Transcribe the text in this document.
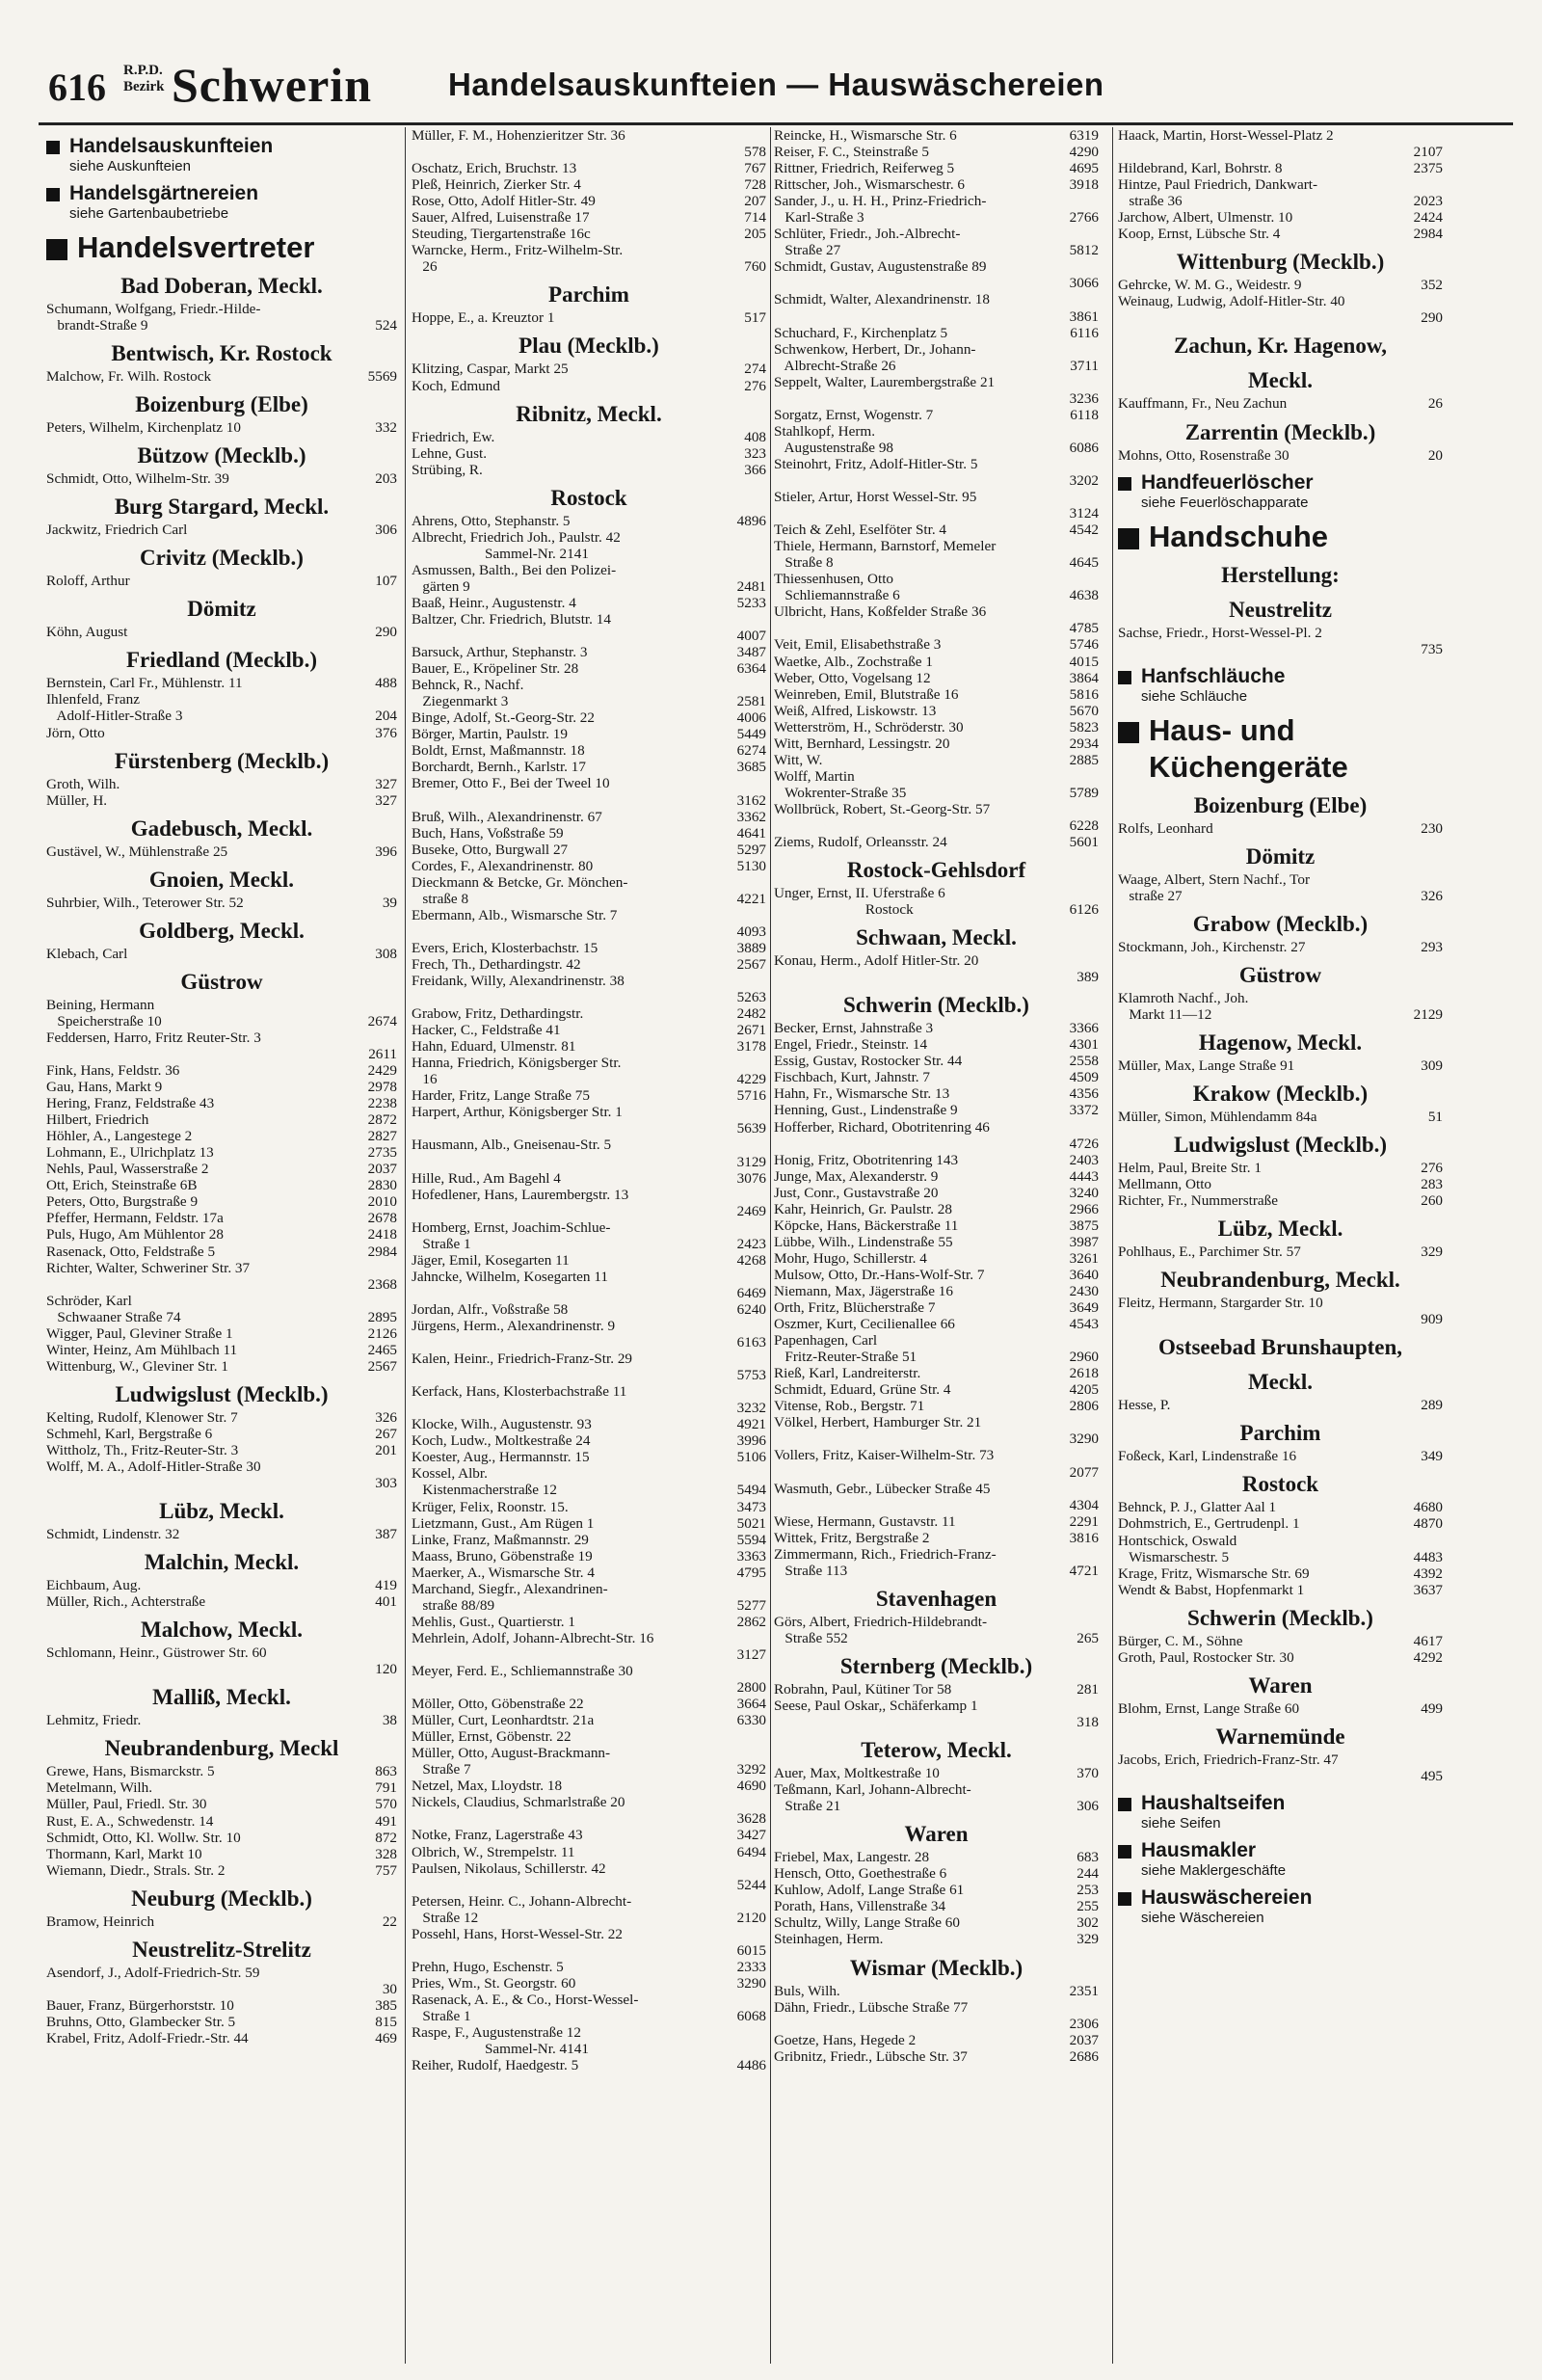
616 R.P.D.
Bezirk Schwerin Handelsauskunfteien — Hauswäschereien
Handelsauskunfteien
siehe Auskunfteien
Handelsgärtnereien
siehe Gartenbaubetriebe
Handelsvertreter
Bad Doberan, Meckl.
Schumann, Wolfgang, Friedr.-Hilde-
brandt-Straße 9	524
Bentwisch, Kr. Rostock
Malchow, Fr. Wilh. Rostock	5569
Boizenburg (Elbe)
Peters, Wilhelm, Kirchenplatz 10	332
Bützow (Mecklb.)
Schmidt, Otto, Wilhelm-Str. 39	203
Burg Stargard, Meckl.
Jackwitz, Friedrich Carl	306
Crivitz (Mecklb.)
Roloff, Arthur	107
Dömitz
Köhn, August	290
Friedland (Mecklb.)
Bernstein, Carl Fr., Mühlenstr. 11	488
Ihlenfeld, Franz
Adolf-Hitler-Straße 3	204
Jörn, Otto	376
Fürstenberg (Mecklb.)
Groth, Wilh.	327
Müller, H.	327
Gadebusch, Meckl.
Gustävel, W., Mühlenstraße 25	396
Gnoien, Meckl.
Suhrbier, Wilh., Teterower Str. 52	39
Goldberg, Meckl.
Klebach, Carl	308
Güstrow
Beining, Hermann
Speicherstraße 10	2674
Feddersen, Harro, Fritz Reuter-Str. 3
2611
Fink, Hans, Feldstr. 36	2429
Gau, Hans, Markt 9	2978
Hering, Franz, Feldstraße 43	2238
Hilbert, Friedrich	2872
Höhler, A., Langestege 2	2827
Lohmann, E., Ulrichplatz 13	2735
Nehls, Paul, Wasserstraße 2	2037
Ott, Erich, Steinstraße 6B	2830
Peters, Otto, Burgstraße 9	2010
Pfeffer, Hermann, Feldstr. 17a	2678
Puls, Hugo, Am Mühlentor 28	2418
Rasenack, Otto, Feldstraße 5	2984
Richter, Walter, Schweriner Str. 37
2368
Schröder, Karl
Schwaaner Straße 74	2895
Wigger, Paul, Gleviner Straße 1	2126
Winter, Heinz, Am Mühlbach 11	2465
Wittenburg, W., Gleviner Str. 1	2567
Ludwigslust (Mecklb.)
Kelting, Rudolf, Klenower Str. 7	326
Schmehl, Karl, Bergstraße 6	267
Wittholz, Th., Fritz-Reuter-Str. 3	201
Wolff, M. A., Adolf-Hitler-Straße 30
303
Lübz, Meckl.
Schmidt, Lindenstr. 32	387
Malchin, Meckl.
Eichbaum, Aug.	419
Müller, Rich., Achterstraße	401
Malchow, Meckl.
Schlomann, Heinr., Güstrower Str. 60
120
Malliß, Meckl.
Lehmitz, Friedr.	38
Neubrandenburg, Meckl
Grewe, Hans, Bismarckstr. 5	863
Metelmann, Wilh.	791
Müller, Paul, Friedl. Str. 30	570
Rust, E. A., Schwedenstr. 14	491
Schmidt, Otto, Kl. Wollw. Str. 10	872
Thormann, Karl, Markt 10	328
Wiemann, Diedr., Strals. Str. 2	757
Neuburg (Mecklb.)
Bramow, Heinrich	22
Neustrelitz-Strelitz
Asendorf, J., Adolf-Friedrich-Str. 59
30
Bauer, Franz, Bürgerhorststr. 10	385
Bruhns, Otto, Glambecker Str. 5	815
Krabel, Fritz, Adolf-Friedr.-Str. 44	469
Müller, F. M., Hohenzieritzer Str. 36
578
Oschatz, Erich, Bruchstr. 13	767
Pleß, Heinrich, Zierker Str. 4	728
Rose, Otto, Adolf Hitler-Str. 49	207
Sauer, Alfred, Luisenstraße 17	714
Steuding, Tiergartenstraße 16c	205
Warncke, Herm., Fritz-Wilhelm-Str.
26	760
Parchim
Hoppe, E., a. Kreuztor 1	517
Plau (Mecklb.)
Klitzing, Caspar, Markt 25	274
Koch, Edmund	276
Ribnitz, Meckl.
Friedrich, Ew.	408
Lehne, Gust.	323
Strübing, R.	366
Rostock
Ahrens, Otto, Stephanstr. 5	4896
Albrecht, Friedrich Joh., Paulstr. 42
Sammel-Nr. 2141
Asmussen, Balth., Bei den Polizei-
gärten 9	2481
Baaß, Heinr., Augustenstr. 4	5233
Baltzer, Chr. Friedrich, Blutstr. 14
4007
Barsuck, Arthur, Stephanstr. 3	3487
Bauer, E., Kröpeliner Str. 28	6364
Behnck, R., Nachf.
Ziegenmarkt 3	2581
Binge, Adolf, St.-Georg-Str. 22	4006
Börger, Martin, Paulstr. 19	5449
Boldt, Ernst, Maßmannstr. 18	6274
Borchardt, Bernh., Karlstr. 17	3685
Bremer, Otto F., Bei der Tweel 10
3162
Bruß, Wilh., Alexandrinenstr. 67	3362
Buch, Hans, Voßstraße 59	4641
Buseke, Otto, Burgwall 27	5297
Cordes, F., Alexandrinenstr. 80	5130
Dieckmann & Betcke, Gr. Mönchen-
straße 8	4221
Ebermann, Alb., Wismarsche Str. 7
4093
Evers, Erich, Klosterbachstr. 15	3889
Frech, Th., Dethardingstr. 42	2567
Freidank, Willy, Alexandrinenstr. 38
5263
Grabow, Fritz, Dethardingstr.	2482
Hacker, C., Feldstraße 41	2671
Hahn, Eduard, Ulmenstr. 81	3178
Hanna, Friedrich, Königsberger Str.
16	4229
Harder, Fritz, Lange Straße 75	5716
Harpert, Arthur, Königsberger Str. 1
5639
Hausmann, Alb., Gneisenau-Str. 5
3129
Hille, Rud., Am Bagehl 4	3076
Hofedlener, Hans, Laurembergstr. 13
2469
Homberg, Ernst, Joachim-Schlue-
Straße 1	2423
Jäger, Emil, Kosegarten 11	4268
Jahncke, Wilhelm, Kosegarten 11
6469
Jordan, Alfr., Voßstraße 58	6240
Jürgens, Herm., Alexandrinenstr. 9
6163
Kalen, Heinr., Friedrich-Franz-Str. 29
5753
Kerfack, Hans, Klosterbachstraße 11
3232
Klocke, Wilh., Augustenstr. 93	4921
Koch, Ludw., Moltkestraße 24	3996
Koester, Aug., Hermannstr. 15	5106
Kossel, Albr.
Kistenmacherstraße 12	5494
Krüger, Felix, Roonstr. 15.	3473
Lietzmann, Gust., Am Rügen 1	5021
Linke, Franz, Maßmannstr. 29	5594
Maass, Bruno, Göbenstraße 19	3363
Maerker, A., Wismarsche Str. 4	4795
Marchand, Siegfr., Alexandrinen-
straße 88/89	5277
Mehlis, Gust., Quartierstr. 1	2862
Mehrlein, Adolf, Johann-Albrecht-Str. 16
3127
Meyer, Ferd. E., Schliemannstraße 30
2800
Möller, Otto, Göbenstraße 22	3664
Müller, Curt, Leonhardtstr. 21a	6330
Müller, Ernst, Göbenstr. 22
Müller, Otto, August-Brackmann-
Straße 7	3292
Netzel, Max, Lloydstr. 18	4690
Nickels, Claudius, Schmarlstraße 20
3628
Notke, Franz, Lagerstraße 43	3427
Olbrich, W., Strempelstr. 11	6494
Paulsen, Nikolaus, Schillerstr. 42
5244
Petersen, Heinr. C., Johann-Albrecht-
Straße 12	2120
Possehl, Hans, Horst-Wessel-Str. 22
6015
Prehn, Hugo, Eschenstr. 5	2333
Pries, Wm., St. Georgstr. 60	3290
Rasenack, A. E., & Co., Horst-Wessel-
Straße 1	6068
Raspe, F., Augustenstraße 12
Sammel-Nr. 4141
Reiher, Rudolf, Haedgestr. 5	4486
Reincke, H., Wismarsche Str. 6	6319
Reiser, F. C., Steinstraße 5	4290
Rittner, Friedrich, Reiferweg 5	4695
Rittscher, Joh., Wismarschestr. 6	3918
Sander, J., u. H. H., Prinz-Friedrich-
Karl-Straße 3	2766
Schlüter, Friedr., Joh.-Albrecht-
Straße 27	5812
Schmidt, Gustav, Augustenstraße 89
3066
Schmidt, Walter, Alexandrinenstr. 18
3861
Schuchard, F., Kirchenplatz 5	6116
Schwenkow, Herbert, Dr., Johann-
Albrecht-Straße 26	3711
Seppelt, Walter, Laurembergstraße 21
3236
Sorgatz, Ernst, Wogenstr. 7	6118
Stahlkopf, Herm.
Augustenstraße 98	6086
Steinohrt, Fritz, Adolf-Hitler-Str. 5
3202
Stieler, Artur, Horst Wessel-Str. 95
3124
Teich & Zehl, Eselföter Str. 4	4542
Thiele, Hermann, Barnstorf, Memeler
Straße 8	4645
Thiessenhusen, Otto
Schliemannstraße 6	4638
Ulbricht, Hans, Koßfelder Straße 36
4785
Veit, Emil, Elisabethstraße 3	5746
Waetke, Alb., Zochstraße 1	4015
Weber, Otto, Vogelsang 12	3864
Weinreben, Emil, Blutstraße 16	5816
Weiß, Alfred, Liskowstr. 13	5670
Wetterström, H., Schröderstr. 30	5823
Witt, Bernhard, Lessingstr. 20	2934
Witt, W.	2885
Wolff, Martin
Wokrenter-Straße 35	5789
Wollbrück, Robert, St.-Georg-Str. 57
6228
Ziems, Rudolf, Orleansstr. 24	5601
Rostock-Gehlsdorf
Unger, Ernst, II. Uferstraße 6
Rostock	6126
Schwaan, Meckl.
Konau, Herm., Adolf Hitler-Str. 20
389
Schwerin (Mecklb.)
Becker, Ernst, Jahnstraße 3	3366
Engel, Friedr., Steinstr. 14	4301
Essig, Gustav, Rostocker Str. 44	2558
Fischbach, Kurt, Jahnstr. 7	4509
Hahn, Fr., Wismarsche Str. 13	4356
Henning, Gust., Lindenstraße 9	3372
Hofferber, Richard, Obotritenring 46
4726
Honig, Fritz, Obotritenring 143	2403
Junge, Max, Alexanderstr. 9	4443
Just, Conr., Gustavstraße 20	3240
Kahr, Heinrich, Gr. Paulstr. 28	2966
Köpcke, Hans, Bäckerstraße 11	3875
Lübbe, Wilh., Lindenstraße 55	3987
Mohr, Hugo, Schillerstr. 4	3261
Mulsow, Otto, Dr.-Hans-Wolf-Str. 7	3640
Niemann, Max, Jägerstraße 16	2430
Orth, Fritz, Blücherstraße 7	3649
Oszmer, Kurt, Cecilienallee 66	4543
Papenhagen, Carl
Fritz-Reuter-Straße 51	2960
Rieß, Karl, Landreiterstr.	2618
Schmidt, Eduard, Grüne Str. 4	4205
Vitense, Rob., Bergstr. 71	2806
Völkel, Herbert, Hamburger Str. 21
3290
Vollers, Fritz, Kaiser-Wilhelm-Str. 73
2077
Wasmuth, Gebr., Lübecker Straße 45
4304
Wiese, Hermann, Gustavstr. 11	2291
Wittek, Fritz, Bergstraße 2	3816
Zimmermann, Rich., Friedrich-Franz-
Straße 113	4721
Stavenhagen
Görs, Albert, Friedrich-Hildebrandt-
Straße 552	265
Sternberg (Mecklb.)
Robrahn, Paul, Kütiner Tor 58	281
Seese, Paul Oskar,, Schäferkamp 1
318
Teterow, Meckl.
Auer, Max, Moltkestraße 10	370
Teßmann, Karl, Johann-Albrecht-
Straße 21	306
Waren
Friebel, Max, Langestr. 28	683
Hensch, Otto, Goethestraße 6	244
Kuhlow, Adolf, Lange Straße 61	253
Porath, Hans, Villenstraße 34	255
Schultz, Willy, Lange Straße 60	302
Steinhagen, Herm.	329
Wismar (Mecklb.)
Buls, Wilh.	2351
Dähn, Friedr., Lübsche Straße 77
2306
Goetze, Hans, Hegede 2	2037
Gribnitz, Friedr., Lübsche Str. 37	2686
Haack, Martin, Horst-Wessel-Platz 2
2107
Hildebrand, Karl, Bohrstr. 8	2375
Hintze, Paul Friedrich, Dankwart-
straße 36	2023
Jarchow, Albert, Ulmenstr. 10	2424
Koop, Ernst, Lübsche Str. 4	2984
Wittenburg (Mecklb.)
Gehrcke, W. M. G., Weidestr. 9	352
Weinaug, Ludwig, Adolf-Hitler-Str. 40
290
Zachun, Kr. Hagenow,
Meckl.
Kauffmann, Fr., Neu Zachun	26
Zarrentin (Mecklb.)
Mohns, Otto, Rosenstraße 30	20
Handfeuerlöscher
siehe Feuerlöschapparate
Handschuhe
Herstellung:
Neustrelitz
Sachse, Friedr., Horst-Wessel-Pl. 2
735
Hanfschläuche
siehe Schläuche
Haus- und Küchengeräte
Boizenburg (Elbe)
Rolfs, Leonhard	230
Dömitz
Waage, Albert, Stern Nachf., Tor
straße 27	326
Grabow (Mecklb.)
Stockmann, Joh., Kirchenstr. 27	293
Güstrow
Klamroth Nachf., Joh.
Markt 11—12	2129
Hagenow, Meckl.
Müller, Max, Lange Straße 91	309
Krakow (Mecklb.)
Müller, Simon, Mühlendamm 84a	51
Ludwigslust (Mecklb.)
Helm, Paul, Breite Str. 1	276
Mellmann, Otto	283
Richter, Fr., Nummerstraße	260
Lübz, Meckl.
Pohlhaus, E., Parchimer Str. 57	329
Neubrandenburg, Meckl.
Fleitz, Hermann, Stargarder Str. 10
909
Ostseebad Brunshaupten,
Meckl.
Hesse, P.	289
Parchim
Foßeck, Karl, Lindenstraße 16	349
Rostock
Behnck, P. J., Glatter Aal 1	4680
Dohmstrich, E., Gertrudenpl. 1	4870
Hontschick, Oswald
Wismarschestr. 5	4483
Krage, Fritz, Wismarsche Str. 69	4392
Wendt & Babst, Hopfenmarkt 1	3637
Schwerin (Mecklb.)
Bürger, C. M., Söhne	4617
Groth, Paul, Rostocker Str. 30	4292
Waren
Blohm, Ernst, Lange Straße 60	499
Warnemünde
Jacobs, Erich, Friedrich-Franz-Str. 47
495
Haushaltseifen
siehe Seifen
Hausmakler
siehe Maklergeschäfte
Hauswäschereien
siehe Wäschereien
